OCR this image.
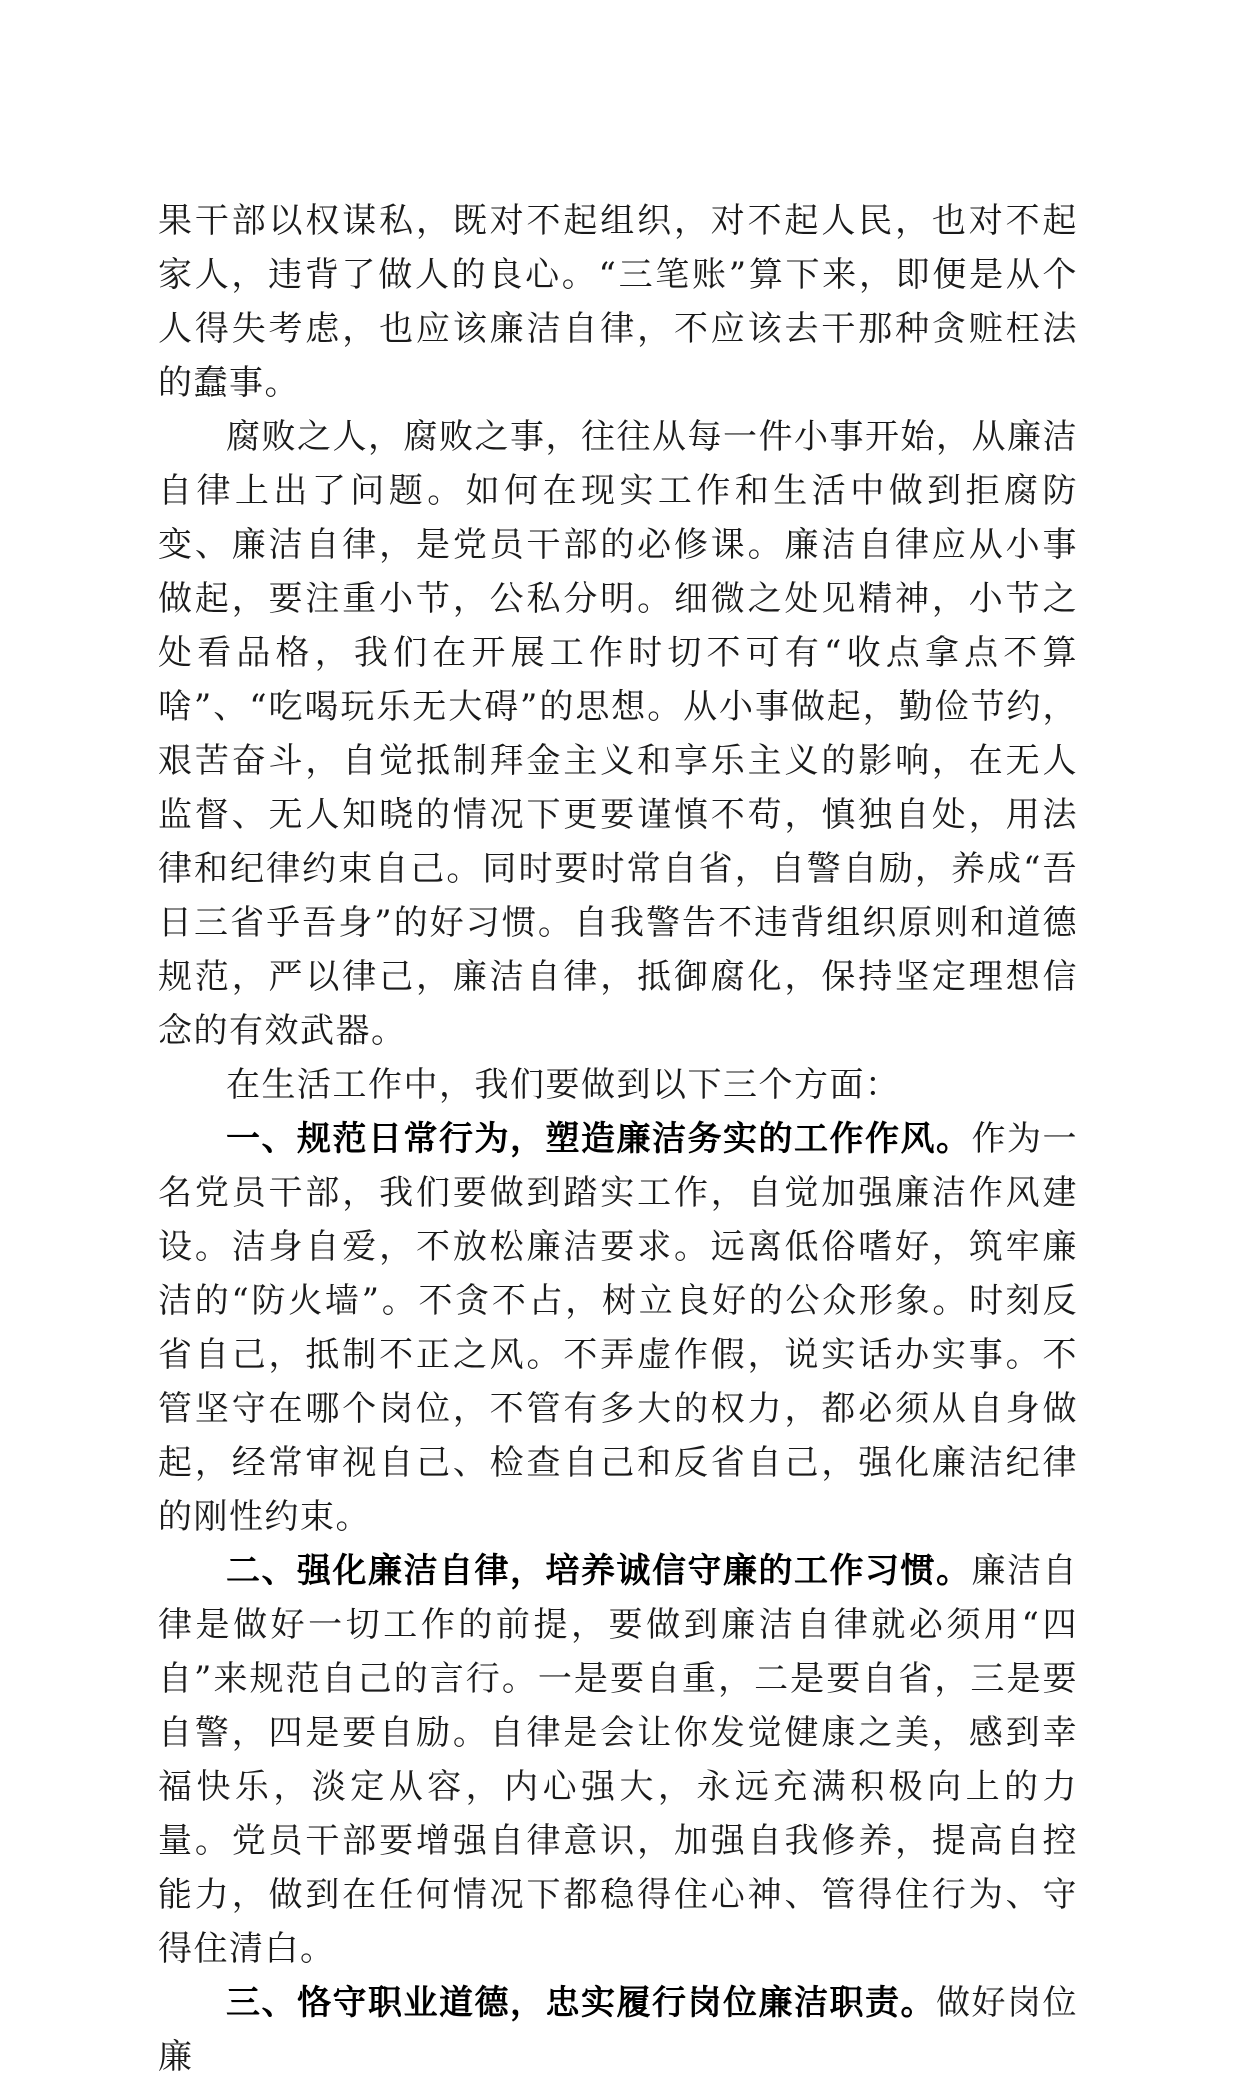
果干部以权谋私，既对不起组织，对不起人民，也对不起家人，违背了做人的良心。“三笔账”算下来，即便是从个人得失考虑，也应该廉洁自律，不应该去干那种贪赃枉法的蠢事。

腐败之人，腐败之事，往往从每一件小事开始，从廉洁自律上出了问题。如何在现实工作和生活中做到拒腐防变、廉洁自律，是党员干部的必修课。廉洁自律应从小事做起，要注重小节，公私分明。细微之处见精神，小节之处看品格，我们在开展工作时切不可有“收点拿点不算啥”、“吃喝玩乐无大碍”的思想。从小事做起，勤俭节约，艰苦奋斗，自觉抵制拜金主义和享乐主义的影响，在无人监督、无人知晓的情况下更要谨慎不苟，慎独自处，用法律和纪律约束自己。同时要时常自省，自警自励，养成“吾日三省乎吾身”的好习惯。自我警告不违背组织原则和道德规范，严以律己，廉洁自律，抵御腐化，保持坚定理想信念的有效武器。

在生活工作中，我们要做到以下三个方面：

一、规范日常行为，塑造廉洁务实的工作作风。作为一名党员干部，我们要做到踏实工作，自觉加强廉洁作风建设。洁身自爱，不放松廉洁要求。远离低俗嗜好，筑牢廉洁的“防火墙”。不贪不占，树立良好的公众形象。时刻反省自己，抵制不正之风。不弄虚作假，说实话办实事。不管坚守在哪个岗位，不管有多大的权力，都必须从自身做起，经常审视自己、检查自己和反省自己，强化廉洁纪律的刚性约束。

二、强化廉洁自律，培养诚信守廉的工作习惯。廉洁自律是做好一切工作的前提，要做到廉洁自律就必须用“四自”来规范自己的言行。一是要自重，二是要自省，三是要自警，四是要自励。自律是会让你发觉健康之美，感到幸福快乐，淡定从容，内心强大，永远充满积极向上的力量。党员干部要增强自律意识，加强自我修养，提高自控能力，做到在任何情况下都稳得住心神、管得住行为、守得住清白。

三、恪守职业道德，忠实履行岗位廉洁职责。做好岗位廉
